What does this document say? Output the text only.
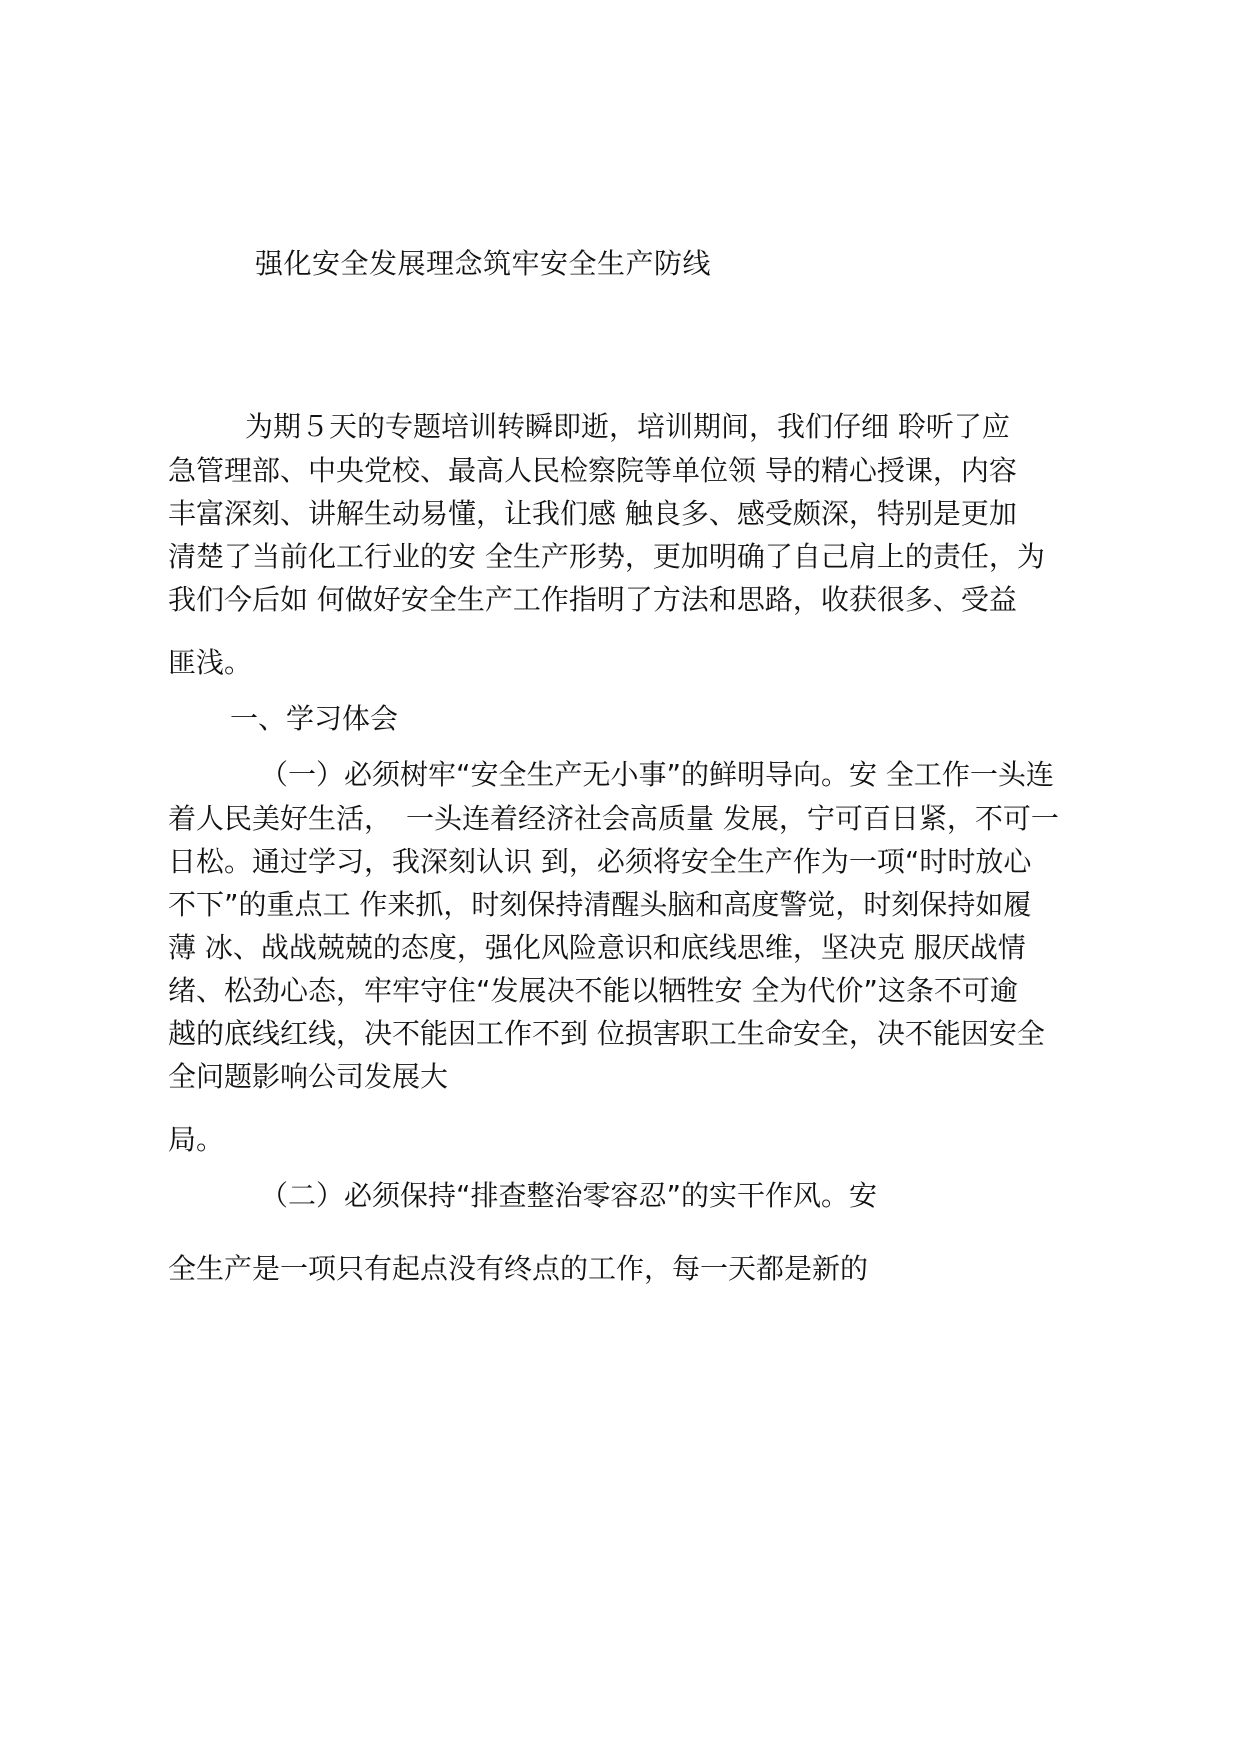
强化安全发展理念筑牢安全生产防线

为期５天的专题培训转瞬即逝，培训期间，我们仔细 聆听了应

急管理部、中央党校、最高人民检察院等单位领 导的精心授课，内容

丰富深刻、讲解生动易懂，让我们感 触良多、感受颇深，特别是更加

清楚了当前化工行业的安 全生产形势，更加明确了自己肩上的责任，为

我们今后如 何做好安全生产工作指明了方法和思路，收获很多、受益

匪浅。

一、学习体会

（一）必须树牢“安全生产无小事”的鲜明导向。安 全工作一头连

着人民美好生活，　一头连着经济社会高质量 发展，宁可百日紧，不可一

日松。通过学习，我深刻认识 到，必须将安全生产作为一项“时时放心

不下”的重点工 作来抓，时刻保持清醒头脑和高度警觉，时刻保持如履

薄 冰、战战兢兢的态度，强化风险意识和底线思维，坚决克 服厌战情

绪、松劲心态，牢牢守住“发展决不能以牺牲安 全为代价”这条不可逾

越的底线红线，决不能因工作不到 位损害职工生命安全，决不能因安全

全问题影响公司发展大

局。

（二）必须保持“排查整治零容忍”的实干作风。安

全生产是一项只有起点没有终点的工作，每一天都是新的
